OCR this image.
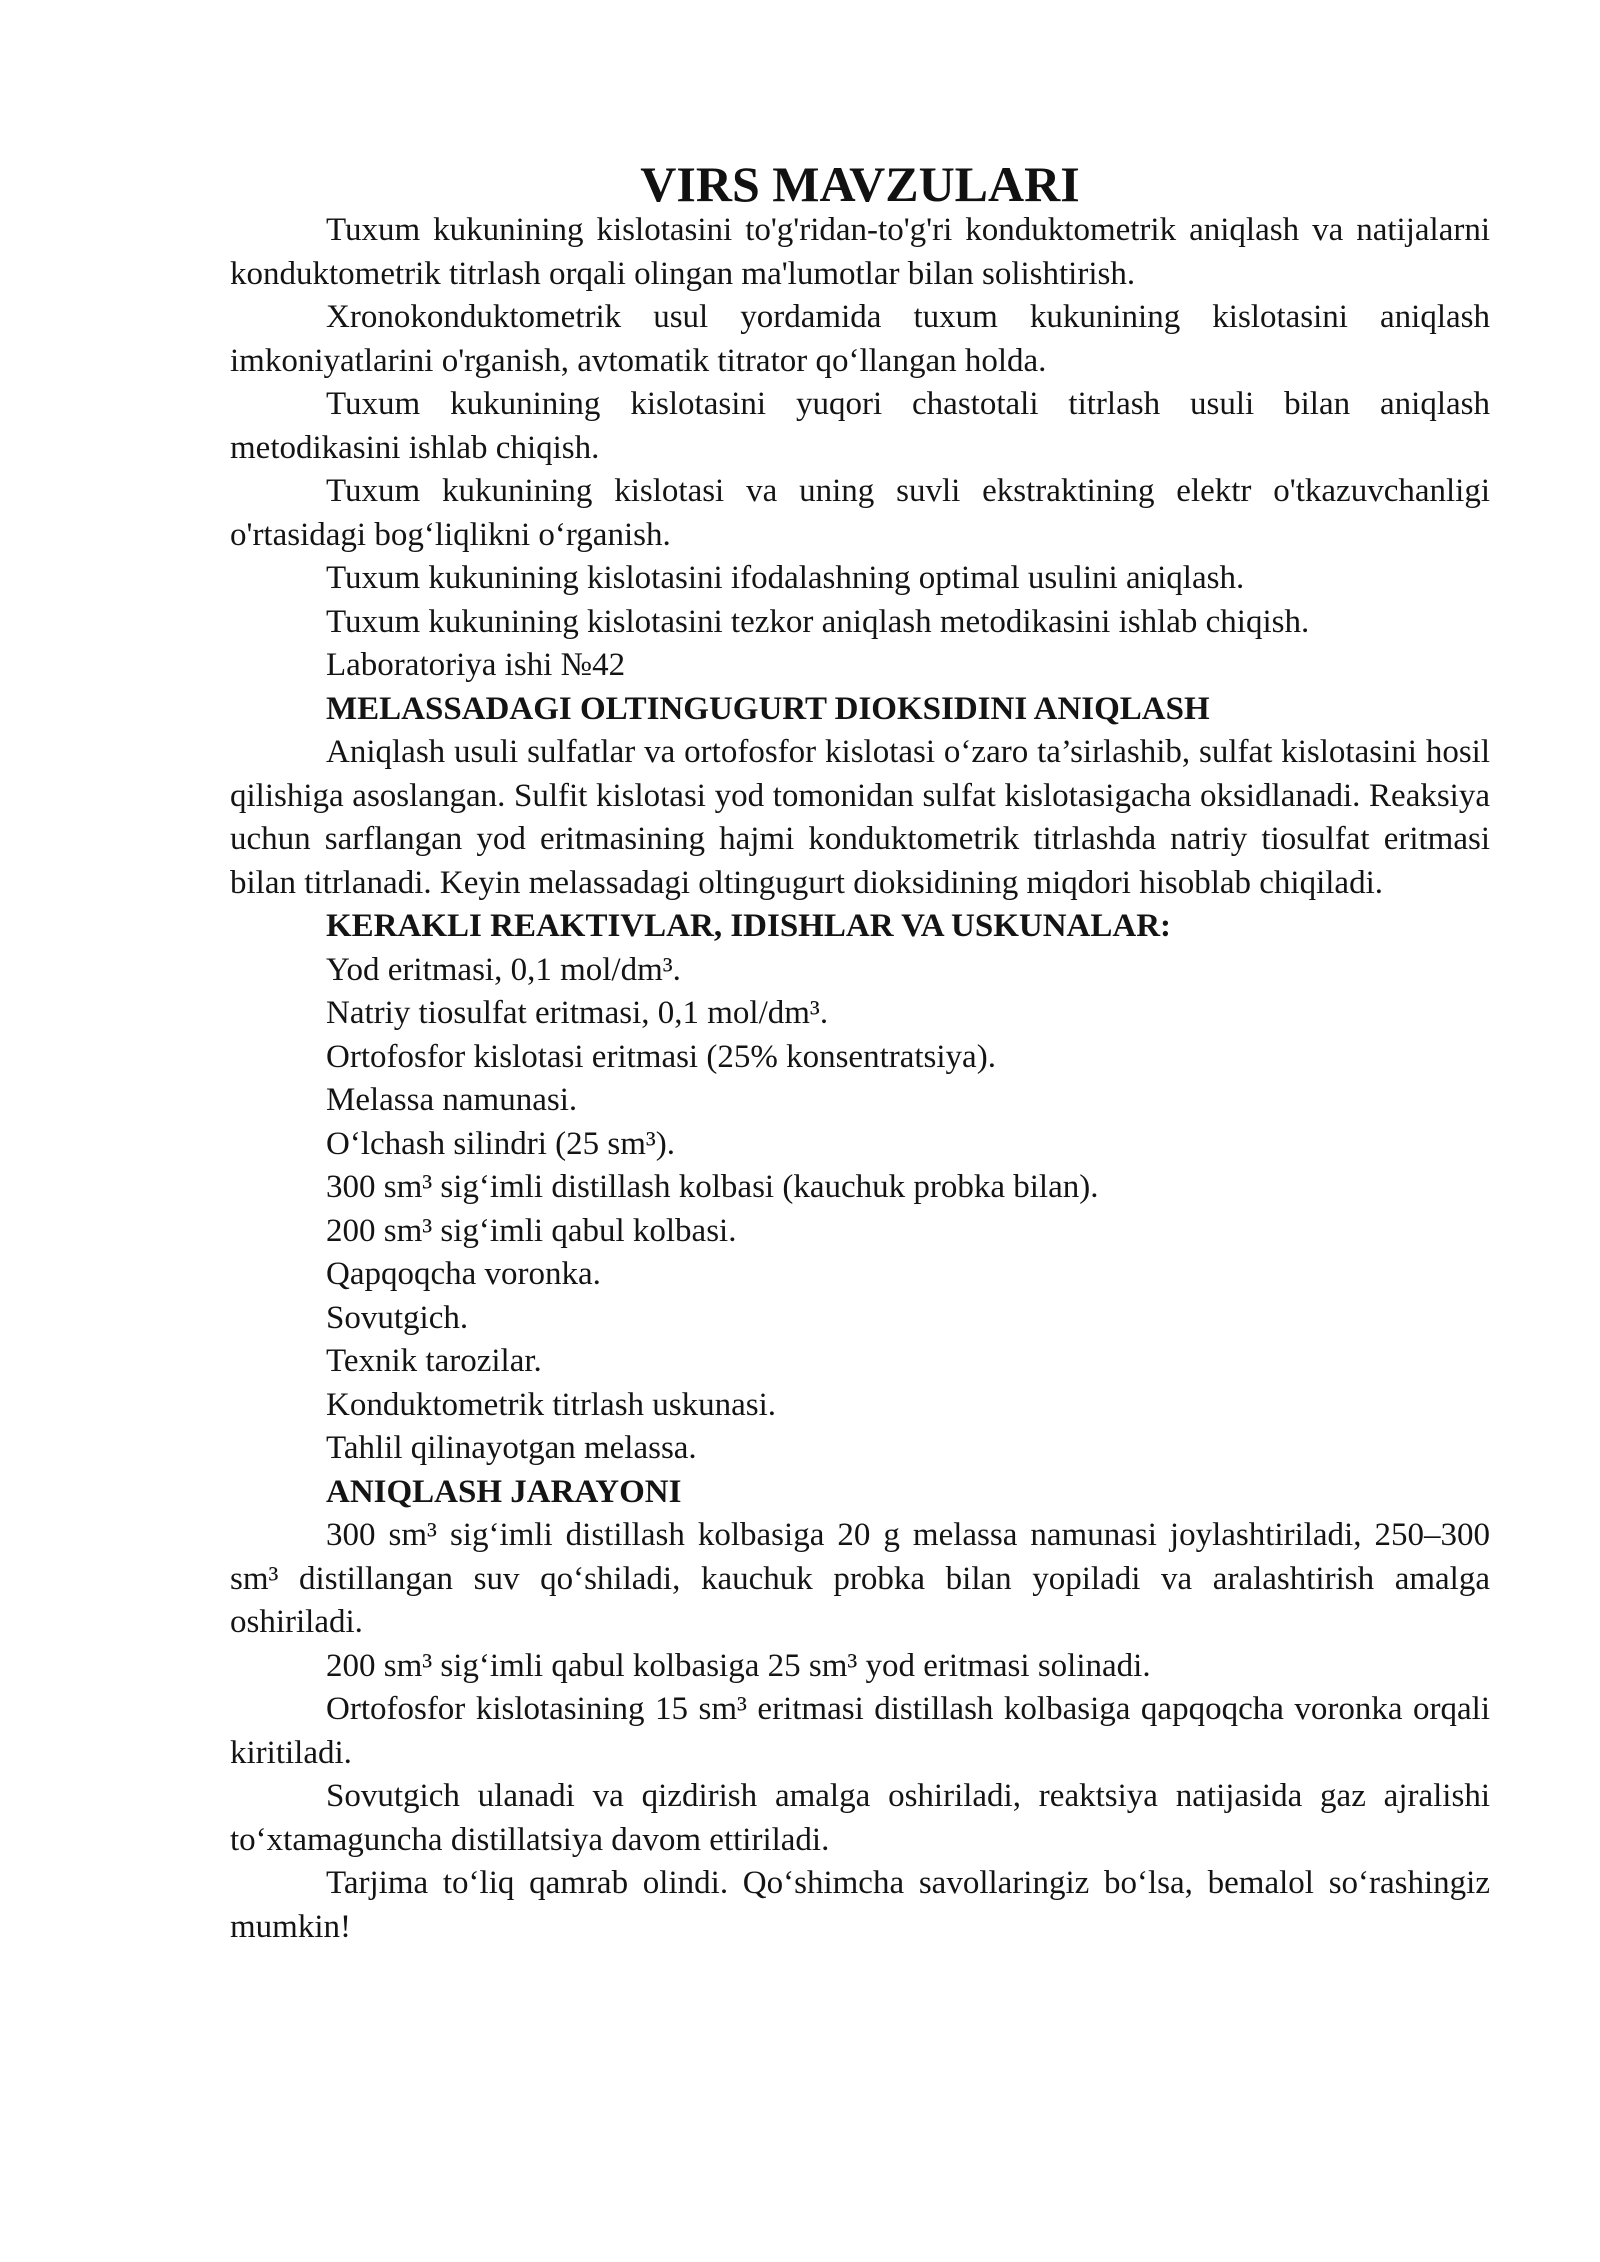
VIRS MAVZULARI

Tuxum kukunining kislotasini to'g'ridan-to'g'ri konduktometrik aniqlash va natijalarni konduktometrik titrlash orqali olingan ma'lumotlar bilan solishtirish.

Xronokonduktometrik usul yordamida tuxum kukunining kislotasini aniqlash imkoniyatlarini o'rganish, avtomatik titrator qo‘llangan holda.

Tuxum kukunining kislotasini yuqori chastotali titrlash usuli bilan aniqlash metodikasini ishlab chiqish.

Tuxum kukunining kislotasi va uning suvli ekstraktining elektr o'tkazuvchanligi o'rtasidagi bog‘liqlikni o‘rganish.

Tuxum kukunining kislotasini ifodalashning optimal usulini aniqlash.

Tuxum kukunining kislotasini tezkor aniqlash metodikasini ishlab chiqish.

Laboratoriya ishi №42

MELASSADAGI OLTINGUGURT DIOKSIDINI ANIQLASH

Aniqlash usuli sulfatlar va ortofosfor kislotasi o‘zaro ta’sirlashib, sulfat kislotasini hosil qilishiga asoslangan. Sulfit kislotasi yod tomonidan sulfat kislotasigacha oksidlanadi. Reaksiya uchun sarflangan yod eritmasining hajmi konduktometrik titrlashda natriy tiosulfat eritmasi bilan titrlanadi. Keyin melassadagi oltingugurt dioksidining miqdori hisoblab chiqiladi.

KERAKLI REAKTIVLAR, IDISHLAR VA USKUNALAR:

Yod eritmasi, 0,1 mol/dm³.

Natriy tiosulfat eritmasi, 0,1 mol/dm³.

Ortofosfor kislotasi eritmasi (25% konsentratsiya).

Melassa namunasi.

O‘lchash silindri (25 sm³).

300 sm³ sig‘imli distillash kolbasi (kauchuk probka bilan).

200 sm³ sig‘imli qabul kolbasi.

Qapqoqcha voronka.

Sovutgich.

Texnik tarozilar.

Konduktometrik titrlash uskunasi.

Tahlil qilinayotgan melassa.

ANIQLASH JARAYONI

300 sm³ sig‘imli distillash kolbasiga 20 g melassa namunasi joylashtiriladi, 250–300 sm³ distillangan suv qo‘shiladi, kauchuk probka bilan yopiladi va aralashtirish amalga oshiriladi.

200 sm³ sig‘imli qabul kolbasiga 25 sm³ yod eritmasi solinadi.

Ortofosfor kislotasining 15 sm³ eritmasi distillash kolbasiga qapqoqcha voronka orqali kiritiladi.

Sovutgich ulanadi va qizdirish amalga oshiriladi, reaktsiya natijasida gaz ajralishi to‘xtamaguncha distillatsiya davom ettiriladi.

Tarjima to‘liq qamrab olindi. Qo‘shimcha savollaringiz bo‘lsa, bemalol so‘rashingiz mumkin!
